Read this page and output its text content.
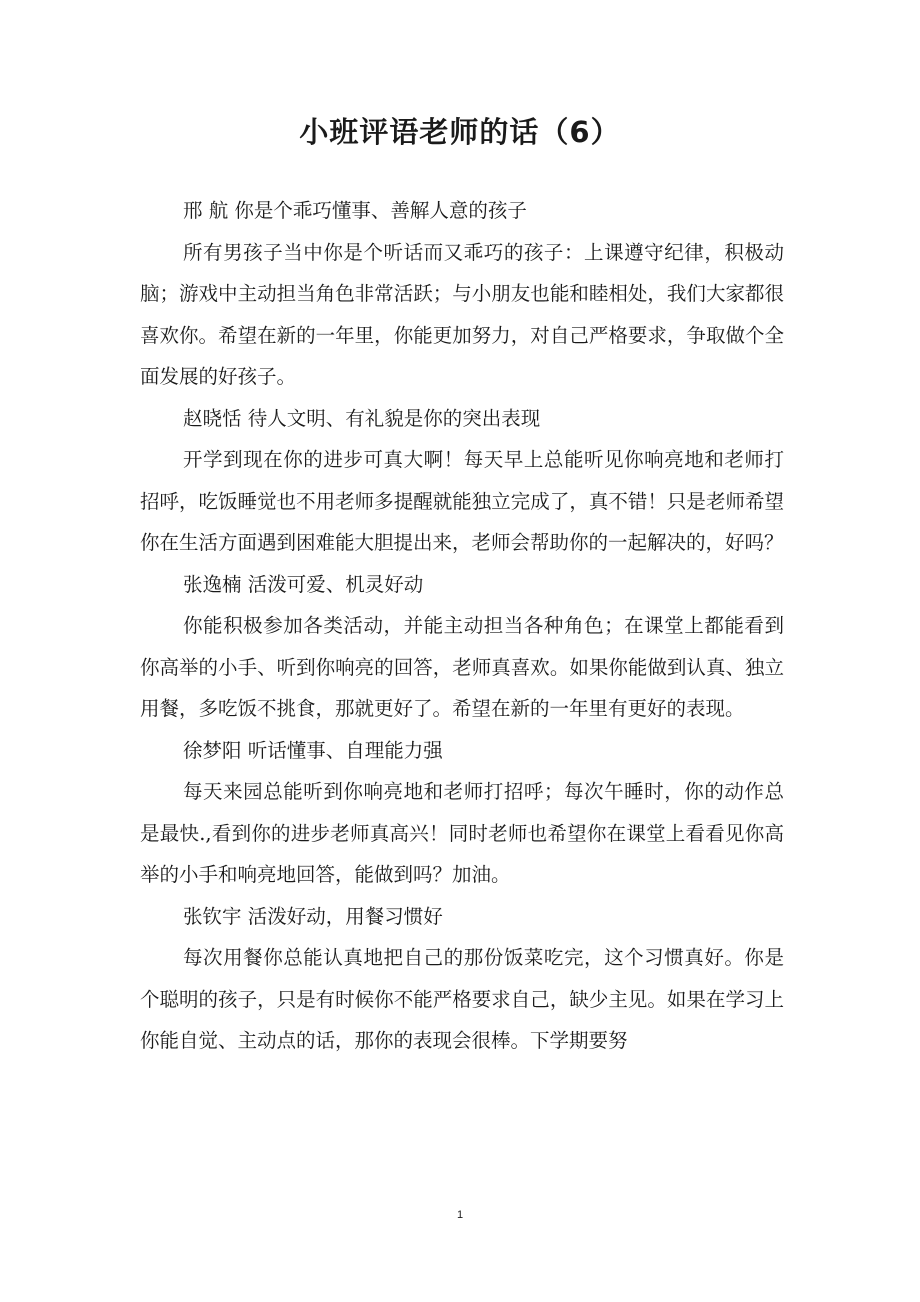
小班评语老师的话（6）

邢 航 你是个乖巧懂事、善解人意的孩子

所有男孩子当中你是个听话而又乖巧的孩子：上课遵守纪律，积极动脑；游戏中主动担当角色非常活跃；与小朋友也能和睦相处，我们大家都很喜欢你。希望在新的一年里，你能更加努力，对自己严格要求，争取做个全面发展的好孩子。

赵晓恬 待人文明、有礼貌是你的突出表现

开学到现在你的进步可真大啊！每天早上总能听见你响亮地和老师打招呼，吃饭睡觉也不用老师多提醒就能独立完成了，真不错！只是老师希望你在生活方面遇到困难能大胆提出来，老师会帮助你的一起解决的，好吗？

张逸楠 活泼可爱、机灵好动

你能积极参加各类活动，并能主动担当各种角色；在课堂上都能看到你高举的小手、听到你响亮的回答，老师真喜欢。如果你能做到认真、独立用餐，多吃饭不挑食，那就更好了。希望在新的一年里有更好的表现。

徐梦阳 听话懂事、自理能力强

每天来园总能听到你响亮地和老师打招呼；每次午睡时，你的动作总是最快.,看到你的进步老师真高兴！同时老师也希望你在课堂上看看见你高举的小手和响亮地回答，能做到吗？加油。

张钦宇 活泼好动，用餐习惯好

每次用餐你总能认真地把自己的那份饭菜吃完，这个习惯真好。你是个聪明的孩子，只是有时候你不能严格要求自己，缺少主见。如果在学习上你能自觉、主动点的话，那你的表现会很棒。下学期要努

1
